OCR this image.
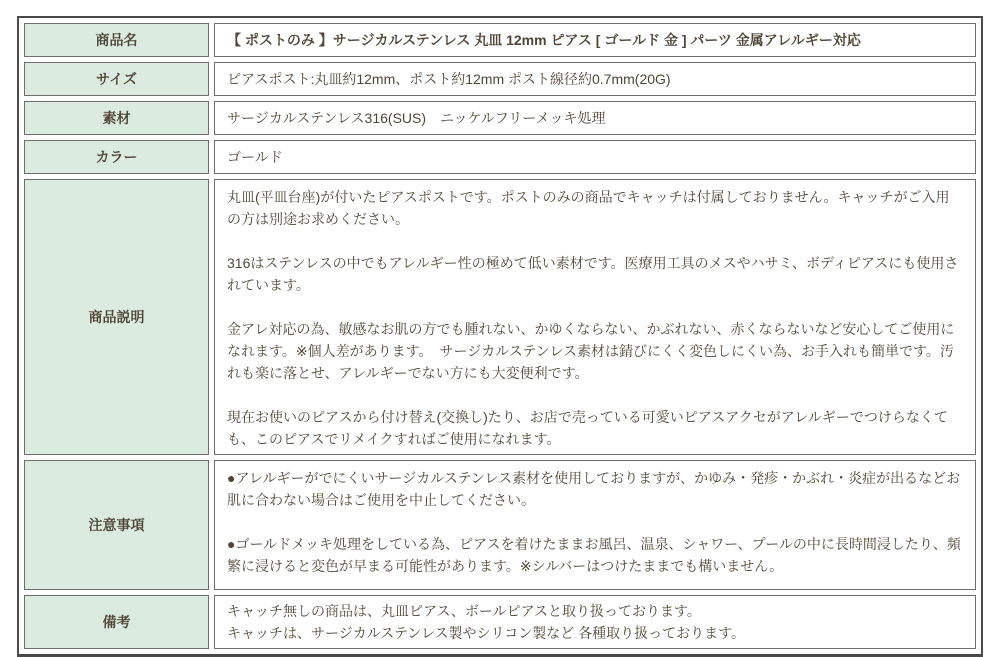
商品名	【 ポストのみ 】サージカルステンレス 丸皿 12mm ピアス [ ゴールド 金 ] パーツ 金属アレルギー対応

サイズ	ピアスポスト:丸皿約12mm、ポスト約12mm ポスト線径約0.7mm(20G)

素材	サージカルステンレス316(SUS)　ニッケルフリーメッキ処理

カラー	ゴールド

商品説明	丸皿(平皿台座)が付いたピアスポストです。ポストのみの商品でキャッチは付属しておりません。キャッチがご入用の方は別途お求めください。

316はステンレスの中でもアレルギー性の極めて低い素材です。医療用工具のメスやハサミ、ボディピアスにも使用されています。

金アレ対応の為、敏感なお肌の方でも腫れない、かゆくならない、かぶれない、赤くならないなど安心してご使用になれます。※個人差があります。　サージカルステンレス素材は錆びにくく変色しにくい為、お手入れも簡単です。汚れも楽に落とせ、アレルギーでない方にも大変便利です。

現在お使いのピアスから付け替え(交換し)たり、お店で売っている可愛いピアスアクセがアレルギーでつけらなくても、このピアスでリメイクすればご使用になれます。

注意事項	●アレルギーがでにくいサージカルステンレス素材を使用しておりますが、かゆみ・発疹・かぶれ・炎症が出るなどお肌に合わない場合はご使用を中止してください。

●ゴールドメッキ処理をしている為、ピアスを着けたままお風呂、温泉、シャワー、プールの中に長時間浸したり、頻繁に浸けると変色が早まる可能性があります。※シルバーはつけたままでも構いません。

備考	キャッチ無しの商品は、丸皿ピアス、ボールピアスと取り扱っております。

キャッチは、サージカルステンレス製やシリコン製など 各種取り扱っております。
